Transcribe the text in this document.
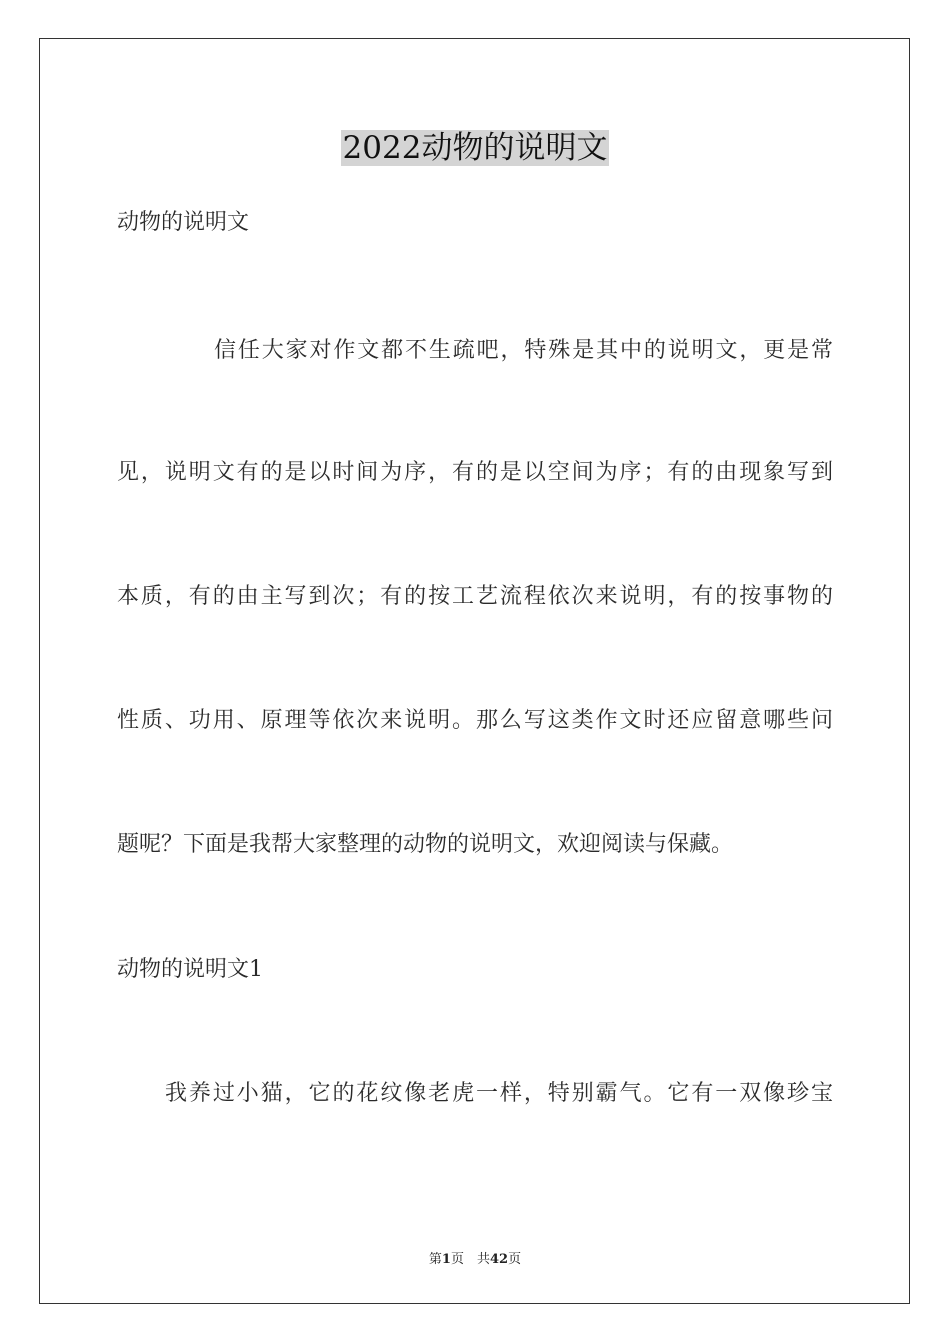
2022动物的说明文
动物的说明文
信任大家对作文都不生疏吧，特殊是其中的说明文，更是常
见，说明文有的是以时间为序，有的是以空间为序；有的由现象写到
本质，有的由主写到次；有的按工艺流程依次来说明，有的按事物的
性质、功用、原理等依次来说明。那么写这类作文时还应留意哪些问
题呢？下面是我帮大家整理的动物的说明文，欢迎阅读与保藏。
动物的说明文1
我养过小猫，它的花纹像老虎一样，特别霸气。它有一双像珍宝
第1页　共42页
